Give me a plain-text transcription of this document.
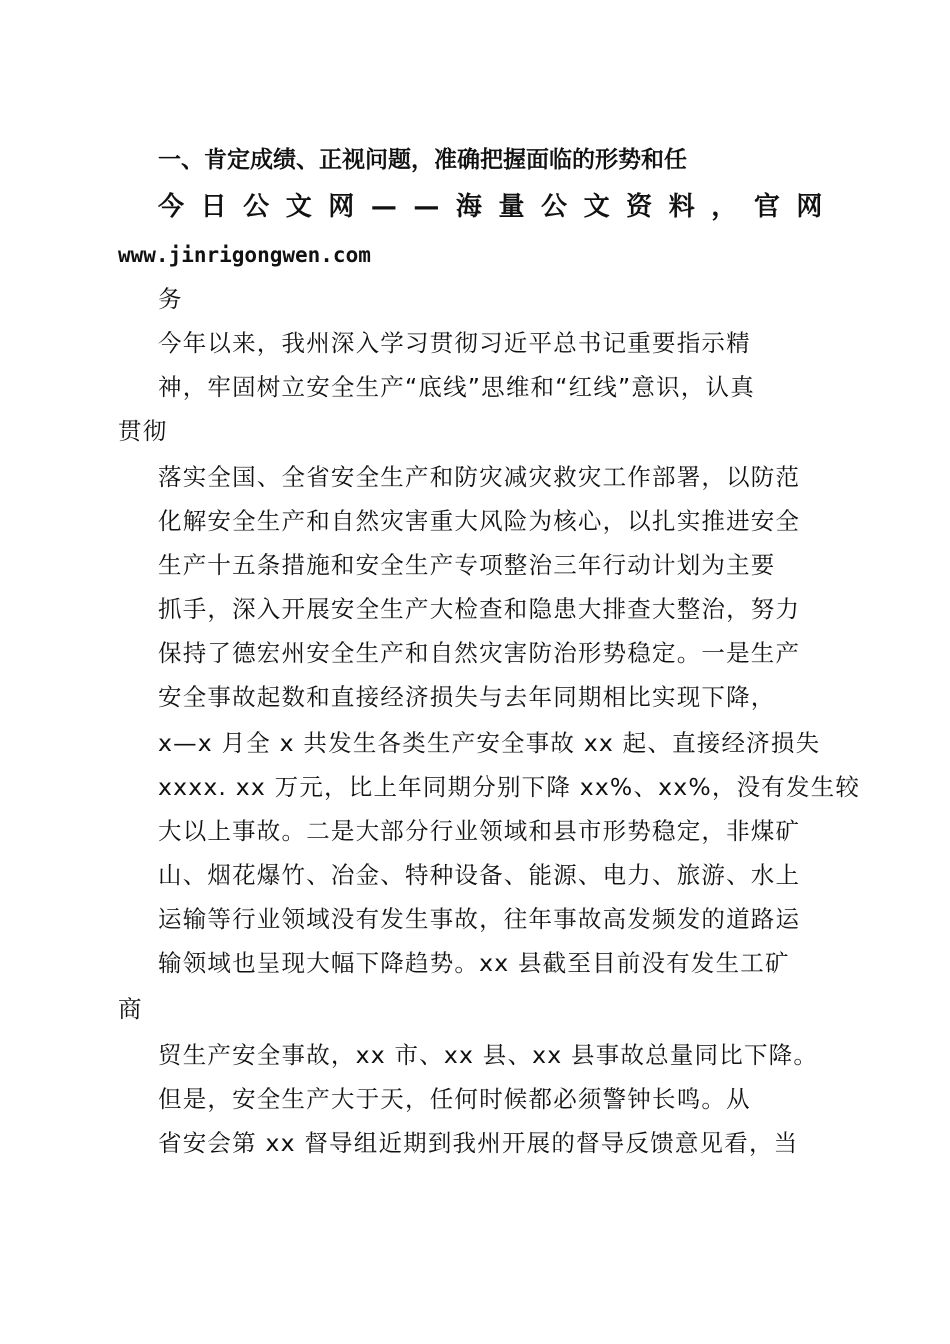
一、肯定成绩、正视问题，准确把握面临的形势和任
今 日 公 文 网 — — 海 量 公 文 资 料 ， 官 网
www.jinrigongwen.com
务
今年以来，我州深入学习贯彻习近平总书记重要指示精
神，牢固树立安全生产“底线”思维和“红线”意识，认真
贯彻
落实全国、全省安全生产和防灾减灾救灾工作部署，以防范
化解安全生产和自然灾害重大风险为核心，以扎实推进安全
生产十五条措施和安全生产专项整治三年行动计划为主要
抓手，深入开展安全生产大检查和隐患大排查大整治，努力
保持了德宏州安全生产和自然灾害防治形势稳定。一是生产
安全事故起数和直接经济损失与去年同期相比实现下降，
x—x 月全 x 共发生各类生产安全事故 xx 起、直接经济损失
xxxx. xx 万元，比上年同期分别下降 xx%、xx%，没有发生较
大以上事故。二是大部分行业领域和县市形势稳定，非煤矿
山、烟花爆竹、冶金、特种设备、能源、电力、旅游、水上
运输等行业领域没有发生事故，往年事故高发频发的道路运
输领域也呈现大幅下降趋势。xx 县截至目前没有发生工矿
商
贸生产安全事故，xx 市、xx 县、xx 县事故总量同比下降。
但是，安全生产大于天，任何时候都必须警钟长鸣。从
省安会第 xx 督导组近期到我州开展的督导反馈意见看，当
